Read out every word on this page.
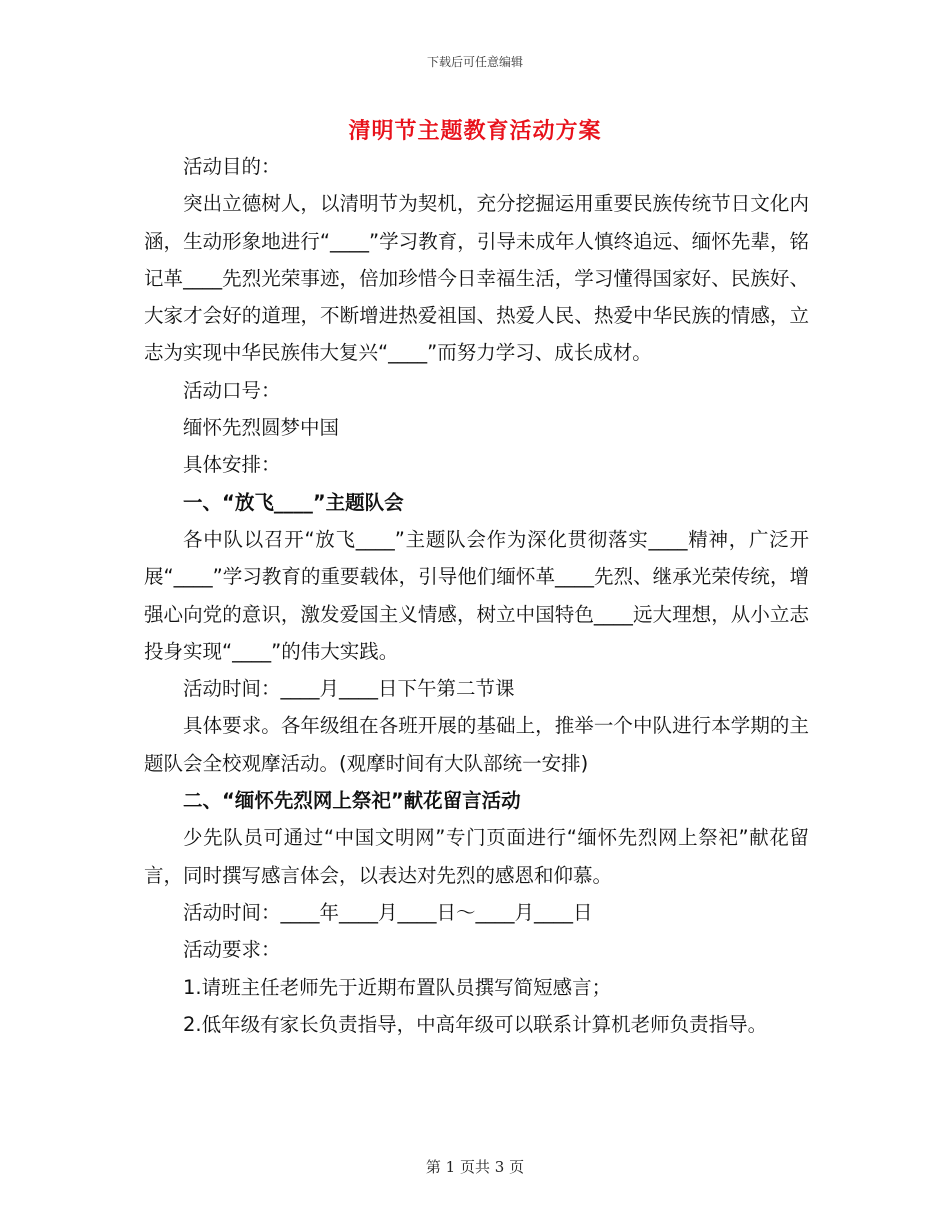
下载后可任意编辑
清明节主题教育活动方案

活动目的：

突出立德树人，以清明节为契机，充分挖掘运用重要民族传统节日文化内涵，生动形象地进行“____”学习教育，引导未成年人慎终追远、缅怀先辈，铭记革____先烈光荣事迹，倍加珍惜今日幸福生活，学习懂得国家好、民族好、大家才会好的道理，不断增进热爱祖国、热爱人民、热爱中华民族的情感，立志为实现中华民族伟大复兴“____”而努力学习、成长成材。

活动口号：

缅怀先烈圆梦中国

具体安排：

一、“放飞____”主题队会

各中队以召开“放飞____”主题队会作为深化贯彻落实____精神，广泛开展“____”学习教育的重要载体，引导他们缅怀革____先烈、继承光荣传统，增强心向党的意识，激发爱国主义情感，树立中国特色____远大理想，从小立志投身实现“____”的伟大实践。

活动时间：____月____日下午第二节课

具体要求。各年级组在各班开展的基础上，推举一个中队进行本学期的主题队会全校观摩活动。(观摩时间有大队部统一安排)

二、“缅怀先烈网上祭祀”献花留言活动

少先队员可通过“中国文明网”专门页面进行“缅怀先烈网上祭祀”献花留言，同时撰写感言体会，以表达对先烈的感恩和仰慕。

活动时间：____年____月____日～____月____日

活动要求：

1.请班主任老师先于近期布置队员撰写简短感言；

2.低年级有家长负责指导，中高年级可以联系计算机老师负责指导。

第 1 页共 3 页
